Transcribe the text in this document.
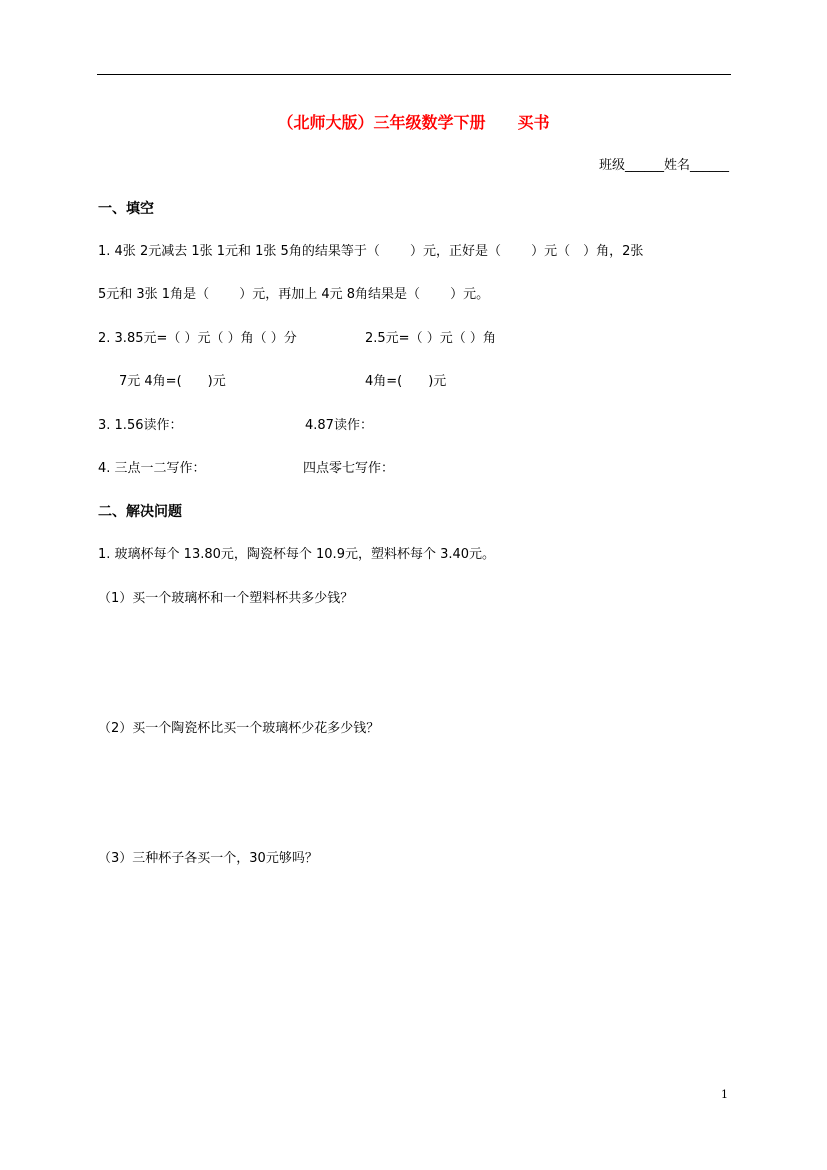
（北师大版）三年级数学下册　　买书
班级______姓名______
一、填空
1. 4张 2元减去 1张 1元和 1张 5角的结果等于（　　 ）元，正好是（　　 ）元（　）角，2张
5元和 3张 1角是（　　 ）元，再加上 4元 8角结果是（　　 ）元。
2. 3.85元=（ ）元（ ）角（ ）分	2.5元=（ ）元（ ）角
7元 4角=(　　)元	4角=(　　)元
3. 1.56读作：	4.87读作：
4. 三点一二写作：	四点零七写作：
二、解决问题
1. 玻璃杯每个 13.80元，陶瓷杯每个 10.9元，塑料杯每个 3.40元。
（1）买一个玻璃杯和一个塑料杯共多少钱？
（2）买一个陶瓷杯比买一个玻璃杯少花多少钱？
（3）三种杯子各买一个，30元够吗？
1
